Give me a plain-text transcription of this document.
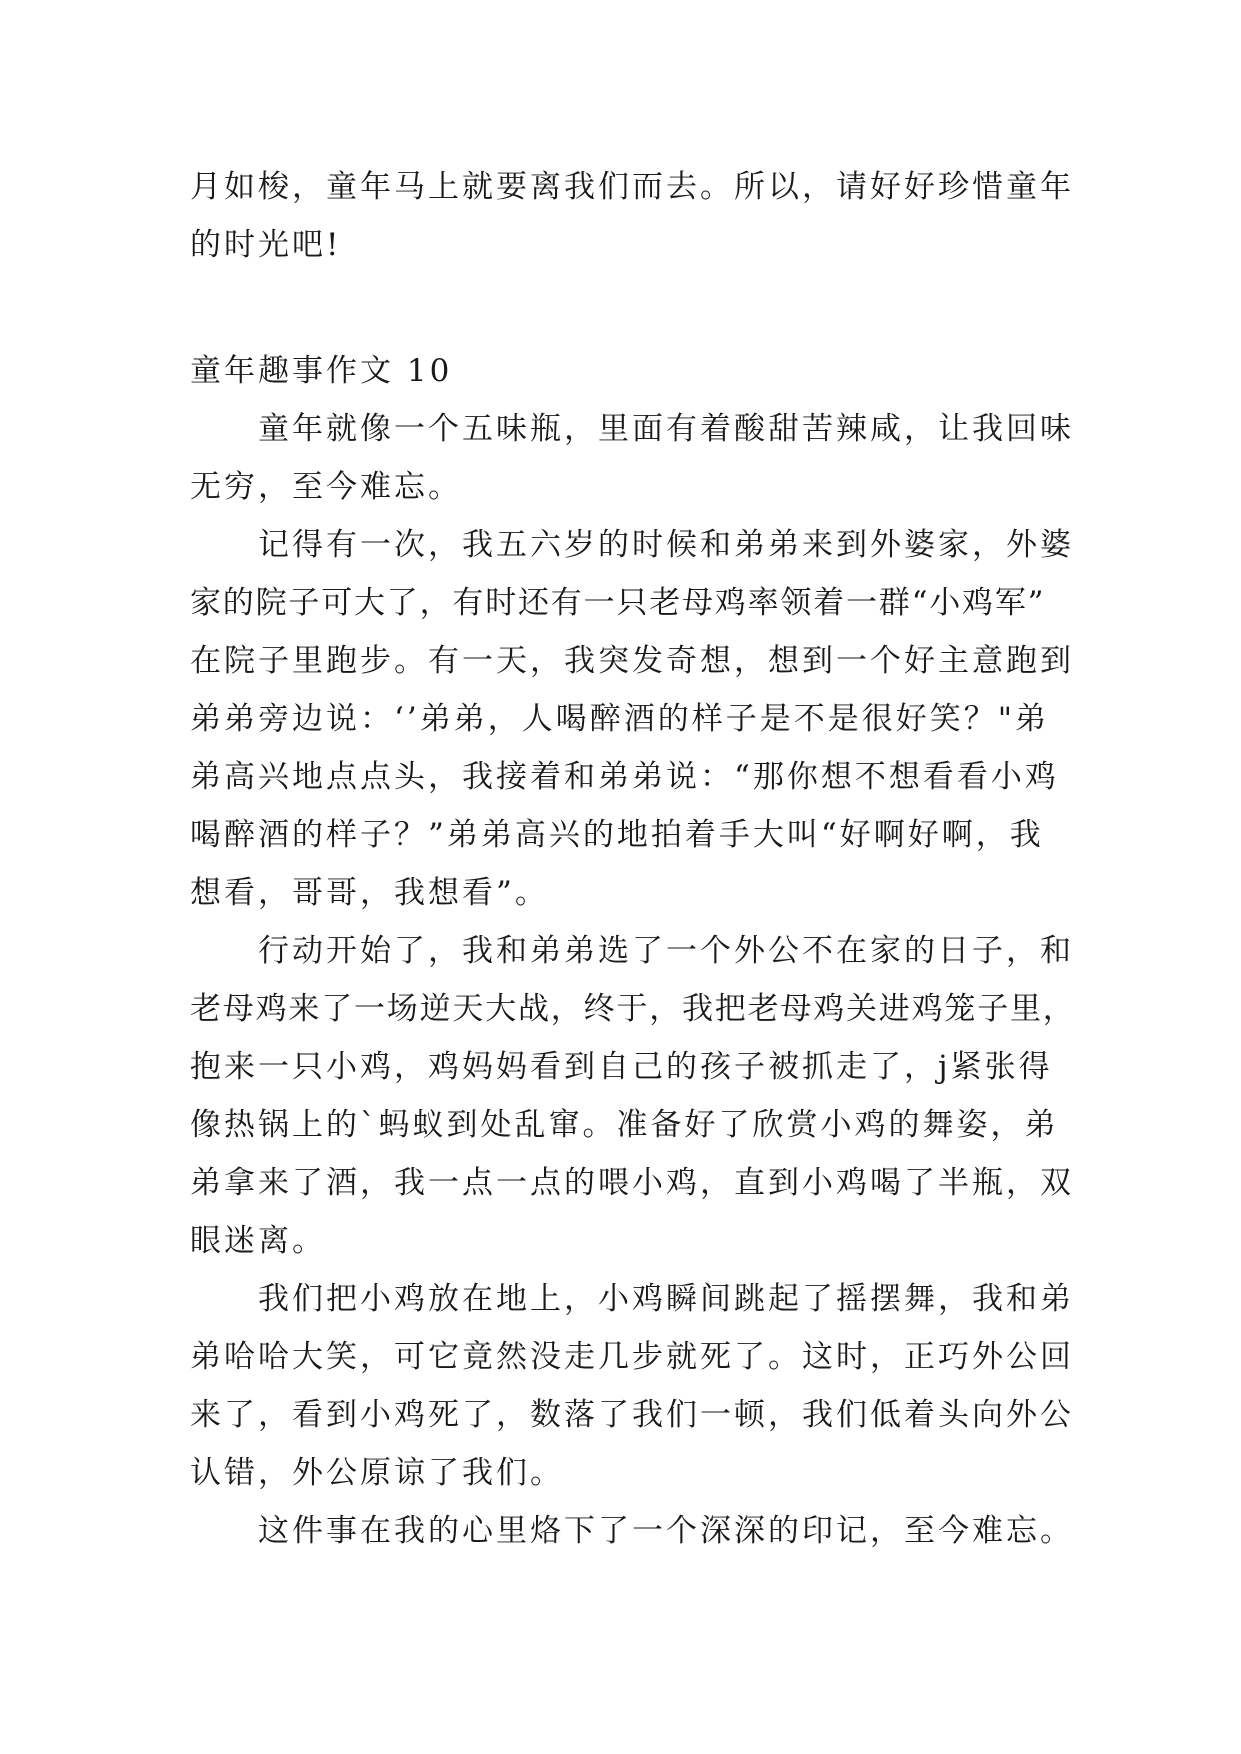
月如梭，童年马上就要离我们而去。所以，请好好珍惜童年
的时光吧!
童年趣事作文 10
童年就像一个五味瓶，里面有着酸甜苦辣咸，让我回味
无穷，至今难忘。
记得有一次，我五六岁的时候和弟弟来到外婆家，外婆
家的院子可大了，有时还有一只老母鸡率领着一群“小鸡军”
在院子里跑步。有一天，我突发奇想，想到一个好主意跑到
弟弟旁边说：‘’弟弟，人喝醉酒的样子是不是很好笑？"弟
弟高兴地点点头，我接着和弟弟说：“那你想不想看看小鸡
喝醉酒的样子？”弟弟高兴的地拍着手大叫“好啊好啊，我
想看，哥哥，我想看”。
行动开始了，我和弟弟选了一个外公不在家的日子，和
老母鸡来了一场逆天大战，终于，我把老母鸡关进鸡笼子里，
抱来一只小鸡，鸡妈妈看到自己的孩子被抓走了，j紧张得
像热锅上的`蚂蚁到处乱窜。准备好了欣赏小鸡的舞姿，弟
弟拿来了酒，我一点一点的喂小鸡，直到小鸡喝了半瓶，双
眼迷离。
我们把小鸡放在地上，小鸡瞬间跳起了摇摆舞，我和弟
弟哈哈大笑，可它竟然没走几步就死了。这时，正巧外公回
来了，看到小鸡死了，数落了我们一顿，我们低着头向外公
认错，外公原谅了我们。
这件事在我的心里烙下了一个深深的印记，至今难忘。
